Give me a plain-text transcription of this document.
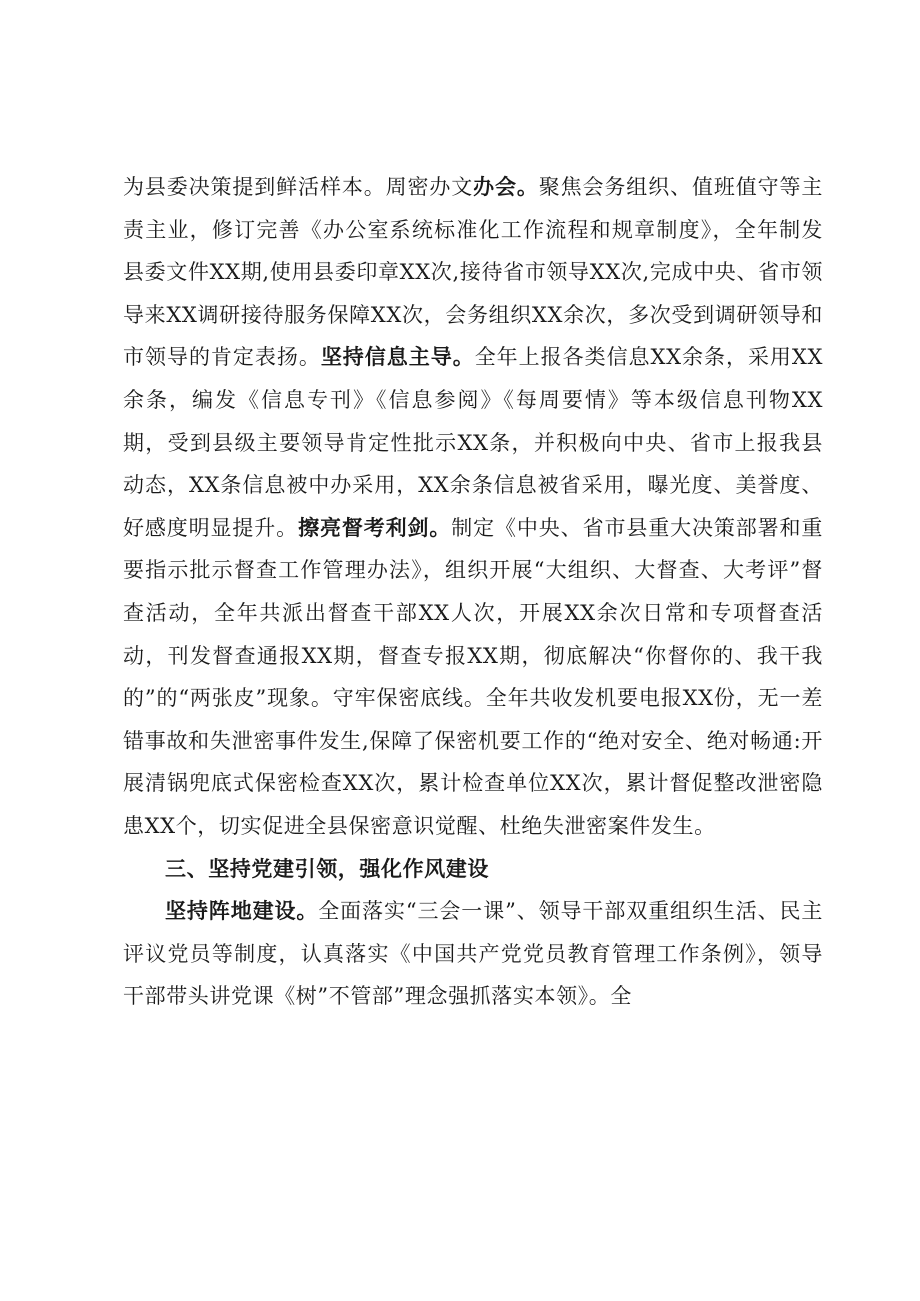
为县委决策提到鲜活样本。周密办文办会。聚焦会务组织、值班值守等主责主业，修订完善《办公室系统标准化工作流程和规章制度》，全年制发县委文件XX期,使用县委印章XX次,接待省市领导XX次,完成中央、省市领导来XX调研接待服务保障XX次，会务组织XX余次，多次受到调研领导和市领导的肯定表扬。坚持信息主导。全年上报各类信息XX余条，采用XX余条，编发《信息专刊》《信息参阅》《每周要情》等本级信息刊物XX期，受到县级主要领导肯定性批示XX条，并积极向中央、省市上报我县动态，XX条信息被中办采用，XX余条信息被省采用，曝光度、美誉度、好感度明显提升。擦亮督考利剑。制定《中央、省市县重大决策部署和重要指示批示督查工作管理办法》，组织开展“大组织、大督查、大考评”督查活动，全年共派出督查干部XX人次，开展XX余次日常和专项督查活动，刊发督查通报XX期，督查专报XX期，彻底解决“你督你的、我干我的”的“两张皮”现象。守牢保密底线。全年共收发机要电报XX份，无一差错事故和失泄密事件发生,保障了保密机要工作的“绝对安全、绝对畅通:开展清锅兜底式保密检查XX次，累计检查单位XX次，累计督促整改泄密隐患XX个，切实促进全县保密意识觉醒、杜绝失泄密案件发生。

三、坚持党建引领，强化作风建设

坚持阵地建设。全面落实“三会一课”、领导干部双重组织生活、民主评议党员等制度，认真落实《中国共产党党员教育管理工作条例》，领导干部带头讲党课《树”不管部”理念强抓落实本领》。全
